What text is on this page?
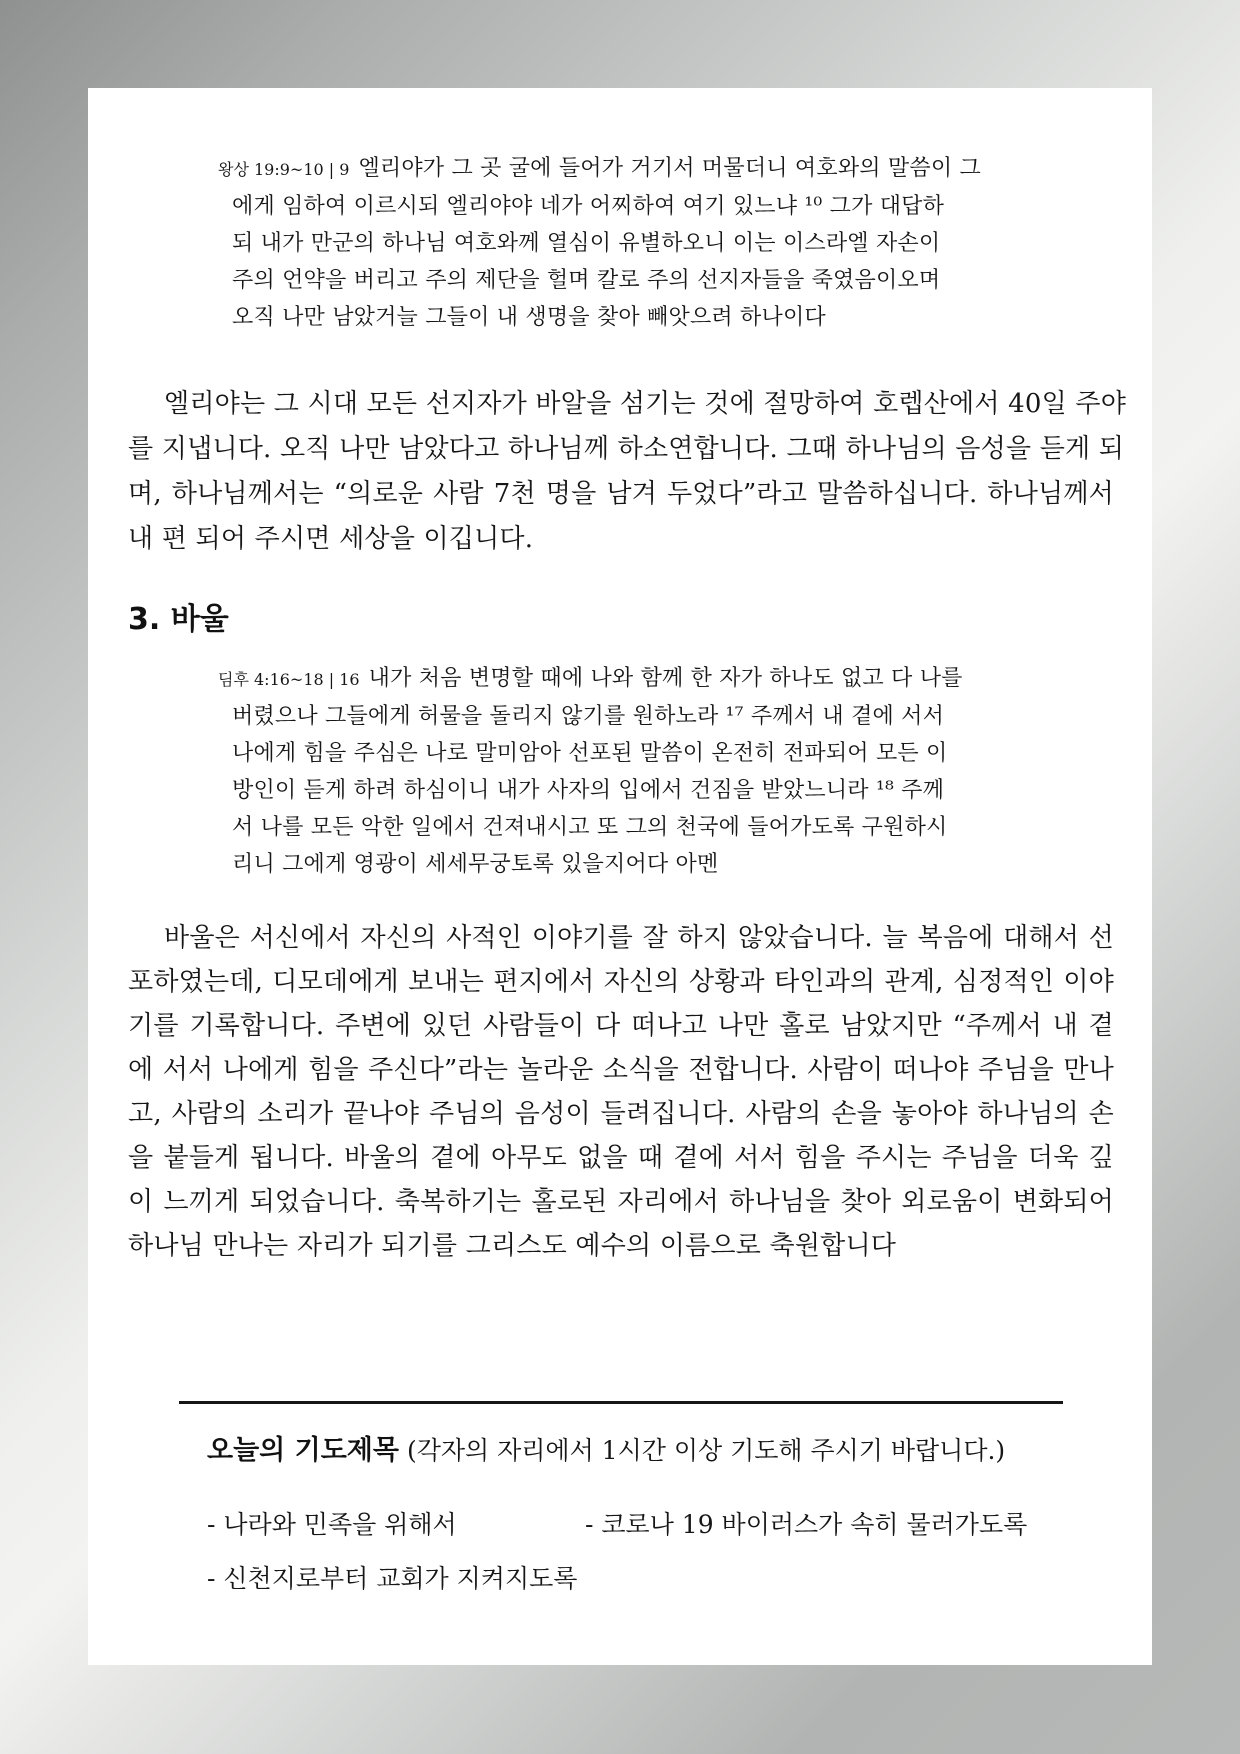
왕상 19:9~10 | 9 엘리야가 그 곳 굴에 들어가 거기서 머물더니 여호와의 말씀이 그
에게 임하여 이르시되 엘리야야 네가 어찌하여 여기 있느냐 ¹⁰ 그가 대답하
되 내가 만군의 하나님 여호와께 열심이 유별하오니 이는 이스라엘 자손이
주의 언약을 버리고 주의 제단을 헐며 칼로 주의 선지자들을 죽였음이오며
오직 나만 남았거늘 그들이 내 생명을 찾아 빼앗으려 하나이다
엘리야는 그 시대 모든 선지자가 바알을 섬기는 것에 절망하여 호렙산에서 40일 주야
를 지냅니다. 오직 나만 남았다고 하나님께 하소연합니다. 그때 하나님의 음성을 듣게 되
며, 하나님께서는 “의로운 사람 7천 명을 남겨 두었다”라고 말씀하십니다. 하나님께서
내 편 되어 주시면 세상을 이깁니다.
3. 바울
딤후 4:16~18 | 16 내가 처음 변명할 때에 나와 함께 한 자가 하나도 없고 다 나를
버렸으나 그들에게 허물을 돌리지 않기를 원하노라 ¹⁷ 주께서 내 곁에 서서
나에게 힘을 주심은 나로 말미암아 선포된 말씀이 온전히 전파되어 모든 이
방인이 듣게 하려 하심이니 내가 사자의 입에서 건짐을 받았느니라 ¹⁸ 주께
서 나를 모든 악한 일에서 건져내시고 또 그의 천국에 들어가도록 구원하시
리니 그에게 영광이 세세무궁토록 있을지어다 아멘
바울은 서신에서 자신의 사적인 이야기를 잘 하지 않았습니다. 늘 복음에 대해서 선
포하였는데, 디모데에게 보내는 편지에서 자신의 상황과 타인과의 관계, 심정적인 이야
기를 기록합니다. 주변에 있던 사람들이 다 떠나고 나만 홀로 남았지만 “주께서 내 곁
에 서서 나에게 힘을 주신다”라는 놀라운 소식을 전합니다. 사람이 떠나야 주님을 만나
고, 사람의 소리가 끝나야 주님의 음성이 들려집니다. 사람의 손을 놓아야 하나님의 손
을 붙들게 됩니다. 바울의 곁에 아무도 없을 때 곁에 서서 힘을 주시는 주님을 더욱 깊
이 느끼게 되었습니다. 축복하기는 홀로된 자리에서 하나님을 찾아 외로움이 변화되어
하나님 만나는 자리가 되기를 그리스도 예수의 이름으로 축원합니다
오늘의 기도제목 (각자의 자리에서 1시간 이상 기도해 주시기 바랍니다.)
- 나라와 민족을 위해서	- 코로나 19 바이러스가 속히 물러가도록
- 신천지로부터 교회가 지켜지도록
